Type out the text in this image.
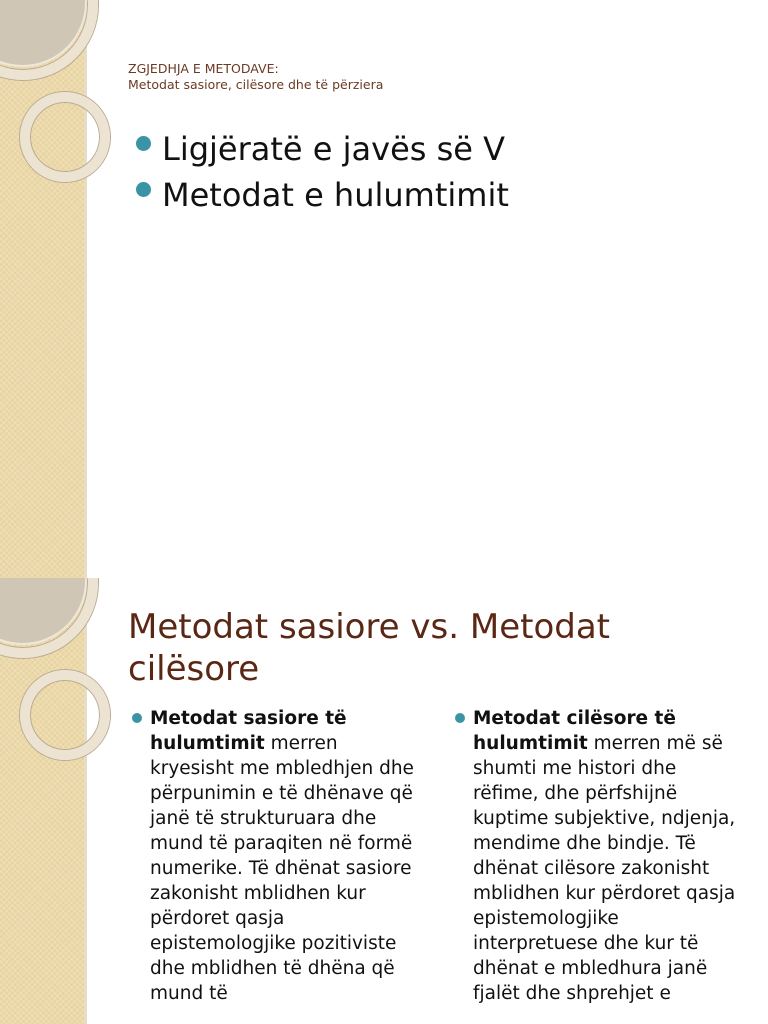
ZGJEDHJA E METODAVE:
Metodat sasiore, cilësore dhe të përziera
Ligjëratë e javës së V
Metodat e hulumtimit
Metodat sasiore vs. Metodat
cilësore

Metodat sasiore të hulumtimit merren kryesisht me mbledhjen dhe përpunimin e të dhënave që janë të strukturuara dhe mund të paraqiten në formë numerike. Të dhënat sasiore zakonisht mblidhen kur përdoret qasja epistemologjike pozitiviste dhe mblidhen të dhëna që mund të

Metodat cilësore të hulumtimit merren më së shumti me histori dhe rëfime, dhe përfshijnë kuptime subjektive, ndjenja, mendime dhe bindje. Të dhënat cilësore zakonisht mblidhen kur përdoret qasja epistemologjike interpretuese dhe kur të dhënat e mbledhura janë fjalët dhe shprehjet e
